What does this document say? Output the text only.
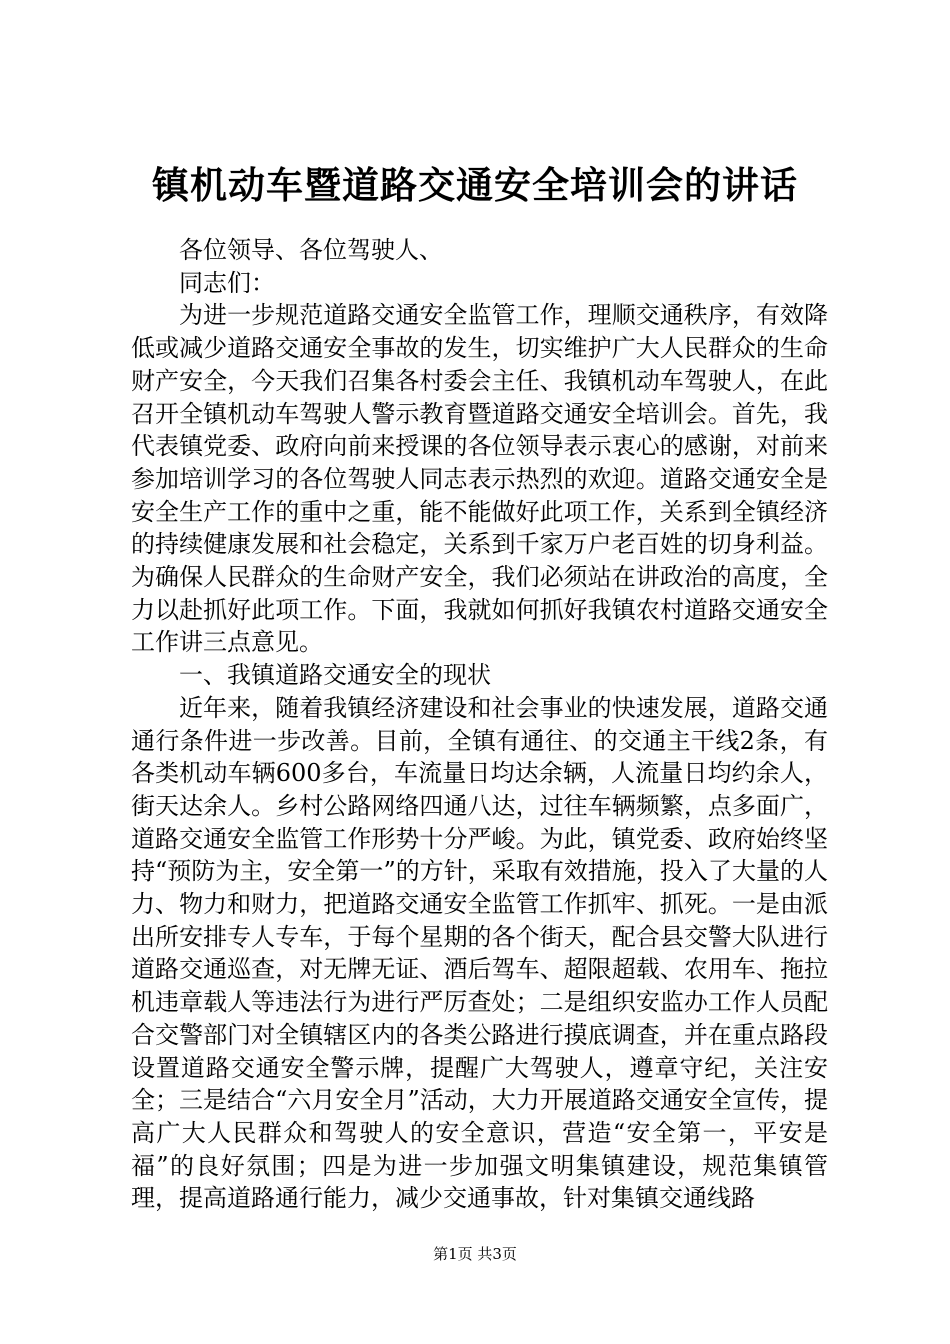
镇机动车暨道路交通安全培训会的讲话

各位领导、各位驾驶人、

同志们：

为进一步规范道路交通安全监管工作，理顺交通秩序，有效降低或减少道路交通安全事故的发生，切实维护广大人民群众的生命财产安全，今天我们召集各村委会主任、我镇机动车驾驶人，在此召开全镇机动车驾驶人警示教育暨道路交通安全培训会。首先，我代表镇党委、政府向前来授课的各位领导表示衷心的感谢，对前来参加培训学习的各位驾驶人同志表示热烈的欢迎。道路交通安全是安全生产工作的重中之重，能不能做好此项工作，关系到全镇经济的持续健康发展和社会稳定，关系到千家万户老百姓的切身利益。为确保人民群众的生命财产安全，我们必须站在讲政治的高度，全力以赴抓好此项工作。下面，我就如何抓好我镇农村道路交通安全工作讲三点意见。

一、我镇道路交通安全的现状

近年来，随着我镇经济建设和社会事业的快速发展，道路交通通行条件进一步改善。目前，全镇有通往、的交通主干线2条，有各类机动车辆600多台，车流量日均达余辆，人流量日均约余人，街天达余人。乡村公路网络四通八达，过往车辆频繁，点多面广，道路交通安全监管工作形势十分严峻。为此，镇党委、政府始终坚持“预防为主，安全第一”的方针，采取有效措施，投入了大量的人力、物力和财力，把道路交通安全监管工作抓牢、抓死。一是由派出所安排专人专车，于每个星期的各个街天，配合县交警大队进行道路交通巡查，对无牌无证、酒后驾车、超限超载、农用车、拖拉机违章载人等违法行为进行严厉查处；二是组织安监办工作人员配合交警部门对全镇辖区内的各类公路进行摸底调查，并在重点路段设置道路交通安全警示牌，提醒广大驾驶人，遵章守纪，关注安全；三是结合“六月安全月”活动，大力开展道路交通安全宣传，提高广大人民群众和驾驶人的安全意识，营造“安全第一，平安是福”的良好氛围；四是为进一步加强文明集镇建设，规范集镇管理，提高道路通行能力，减少交通事故，针对集镇交通线路

第1页 共3页
